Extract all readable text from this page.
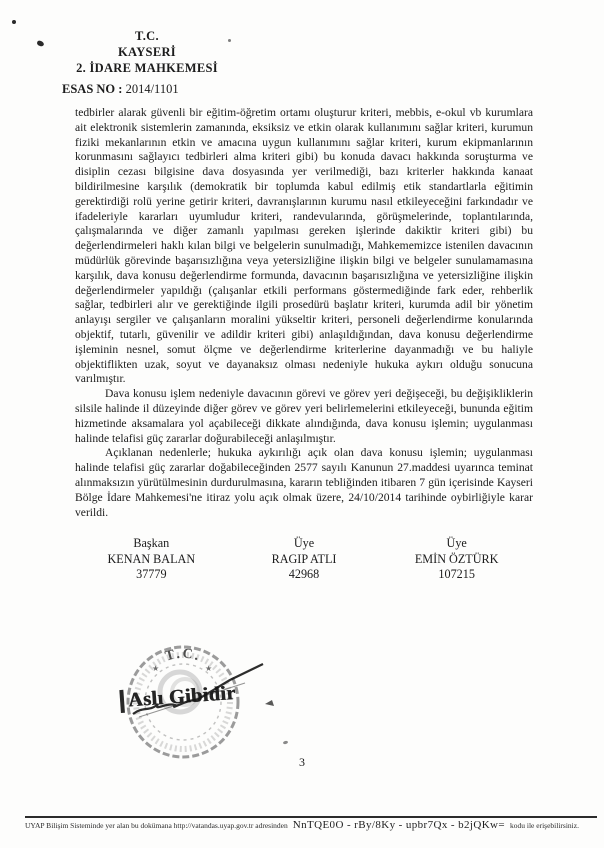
T.C.
KAYSERİ
2. İDARE MAHKEMESİ
ESAS NO : 2014/1101

tedbirler alarak güvenli bir eğitim-öğretim ortamı oluşturur kriteri, mebbis, e-okul vb kurumlara ait elektronik sistemlerin zamanında, eksiksiz ve etkin olarak kullanımını sağlar kriteri, kurumun fiziki mekanlarının etkin ve amacına uygun kullanımını sağlar kriteri, kurum ekipmanlarının korunmasını sağlayıcı tedbirleri alma kriteri gibi) bu konuda davacı hakkında soruşturma ve disiplin cezası bilgisine dava dosyasında yer verilmediği, bazı kriterler hakkında kanaat bildirilmesine karşılık (demokratik bir toplumda kabul edilmiş etik standartlarla eğitimin gerektirdiği rolü yerine getirir kriteri, davranışlarının kurumu nasıl etkileyeceğini farkındadır ve ifadeleriyle kararları uyumludur kriteri, randevularında, görüşmelerinde, toplantılarında, çalışmalarında ve diğer zamanlı yapılması gereken işlerinde dakiktir kriteri gibi) bu değerlendirmeleri haklı kılan bilgi ve belgelerin sunulmadığı, Mahkememizce istenilen davacının müdürlük görevinde başarısızlığına veya yetersizliğine ilişkin bilgi ve belgeler sunulamamasına karşılık, dava konusu değerlendirme formunda, davacının başarısızlığına ve yetersizliğine ilişkin değerlendirmeler yapıldığı (çalışanlar etkili performans göstermediğinde fark eder, rehberlik sağlar, tedbirleri alır ve gerektiğinde ilgili prosedürü başlatır kriteri, kurumda adil bir yönetim anlayışı sergiler ve çalışanların moralini yükseltir kriteri, personeli değerlendirme konularında objektif, tutarlı, güvenilir ve adildir kriteri gibi) anlaşıldığından, dava konusu değerlendirme işleminin nesnel, somut ölçme ve değerlendirme kriterlerine dayanmadığı ve bu haliyle objektiflikten uzak, soyut ve dayanaksız olması nedeniyle hukuka aykırı olduğu sonucuna varılmıştır.

Dava konusu işlem nedeniyle davacının görevi ve görev yeri değişeceği, bu değişikliklerin silsile halinde il düzeyinde diğer görev ve görev yeri belirlemelerini etkileyeceği, bununda eğitim hizmetinde aksamalara yol açabileceği dikkate alındığında, dava konusu işlemin; uygulanması halinde telafisi güç zararlar doğurabileceği anlaşılmıştır.

Açıklanan nedenlerle; hukuka aykırılığı açık olan dava konusu işlemin; uygulanması halinde telafisi güç zararlar doğabileceğinden 2577 sayılı Kanunun 27.maddesi uyarınca teminat alınmaksızın yürütülmesinin durdurulmasına, kararın tebliğinden itibaren 7 gün içerisinde Kayseri Bölge İdare Mahkemesi'ne itiraz yolu açık olmak üzere, 24/10/2014 tarihinde oybirliğiyle karar verildi.

Başkan
KENAN BALAN
37779
Üye
RAGIP ATLI
42968
Üye
EMİN ÖZTÜRK
107215
T.C.
★	★
Aslı Gibidir
3
UYAP Bilişim Sisteminde yer alan bu dokümana http://vatandas.uyap.gov.tr adresinden NnTQE0O - rBy/8Ky - upbr7Qx - b2jQKw= kodu ile erişebilirsiniz.
